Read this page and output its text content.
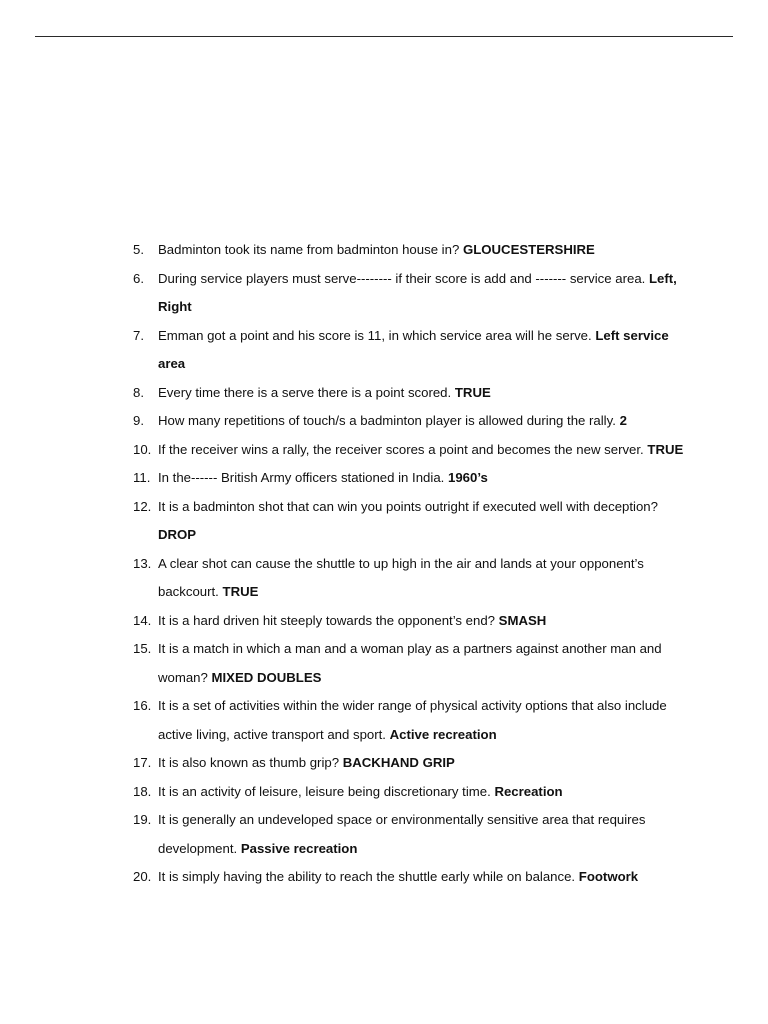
5.	Badminton took its name from badminton house in? GLOUCESTERSHIRE
6.	During service players must serve-------- if their score is add and ------- service area. Left, Right
7.	Emman got a point and his score is 11, in which service area will he serve. Left service area
8.	Every time there is a serve there is a point scored. TRUE
9.	How many repetitions of touch/s a badminton player is allowed during the rally. 2
10. If the receiver wins a rally, the receiver scores a point and becomes the new server. TRUE
11. In the------ British Army officers stationed in India. 1960’s
12. It is a badminton shot that can win you points outright if executed well with deception? DROP
13. A clear shot can cause the shuttle to up high in the air and lands at your opponent’s backcourt. TRUE
14. It is a hard driven hit steeply towards the opponent’s end? SMASH
15. It is a match in which a man and a woman play as a partners against another man and woman? MIXED DOUBLES
16. It is a set of activities within the wider range of physical activity options that also include active living, active transport and sport. Active recreation
17. It is also known as thumb grip? BACKHAND GRIP
18. It is an activity of leisure, leisure being discretionary time. Recreation
19. It is generally an undeveloped space or environmentally sensitive area that requires development. Passive recreation
20. It is simply having the ability to reach the shuttle early while on balance. Footwork
